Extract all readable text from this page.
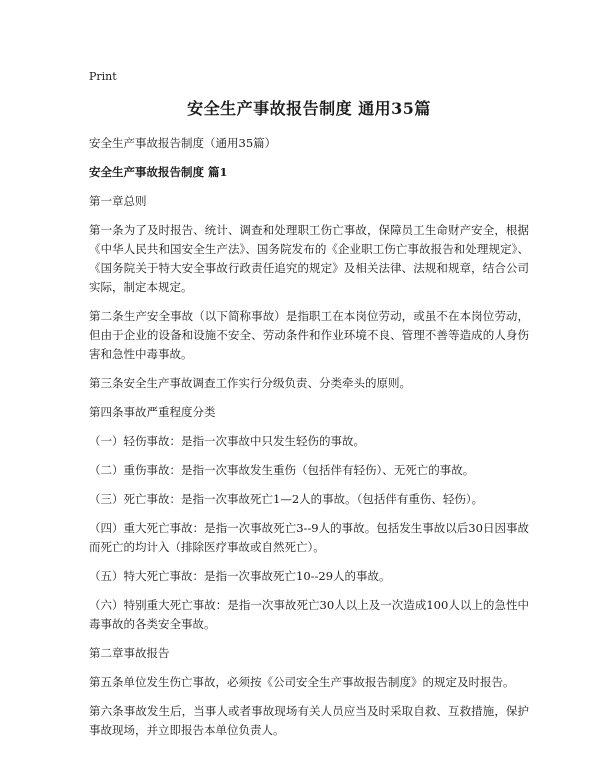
Print
安全生产事故报告制度 通用35篇

安全生产事故报告制度（通用35篇）

安全生产事故报告制度 篇1

第一章总则

第一条为了及时报告、统计、调查和处理职工伤亡事故，保障员工生命财产安全，根据《中华人民共和国安全生产法》、国务院发布的《企业职工伤亡事故报告和处理规定》、《国务院关于特大安全事故行政责任追究的规定》及相关法律、法规和规章，结合公司实际，制定本规定。

第二条生产安全事故（以下简称事故）是指职工在本岗位劳动，或虽不在本岗位劳动，但由于企业的设备和设施不安全、劳动条件和作业环境不良、管理不善等造成的人身伤害和急性中毒事故。

第三条安全生产事故调查工作实行分级负责、分类牵头的原则。

第四条事故严重程度分类

（一）轻伤事故：是指一次事故中只发生轻伤的事故。

（二）重伤事故：是指一次事故发生重伤（包括伴有轻伤）、无死亡的事故。

（三）死亡事故：是指一次事故死亡1—2人的事故。（包括伴有重伤、轻伤）。

（四）重大死亡事故：是指一次事故死亡3--9人的事故。包括发生事故以后30日因事故而死亡的均计入（排除医疗事故或自然死亡）。

（五）特大死亡事故：是指一次事故死亡10--29人的事故。

（六）特别重大死亡事故：是指一次事故死亡30人以上及一次造成100人以上的急性中毒事故的各类安全事故。

第二章事故报告

第五条单位发生伤亡事故，必须按《公司安全生产事故报告制度》的规定及时报告。

第六条事故发生后，当事人或者事故现场有关人员应当及时采取自救、互救措施，保护事故现场，并立即报告本单位负责人。
